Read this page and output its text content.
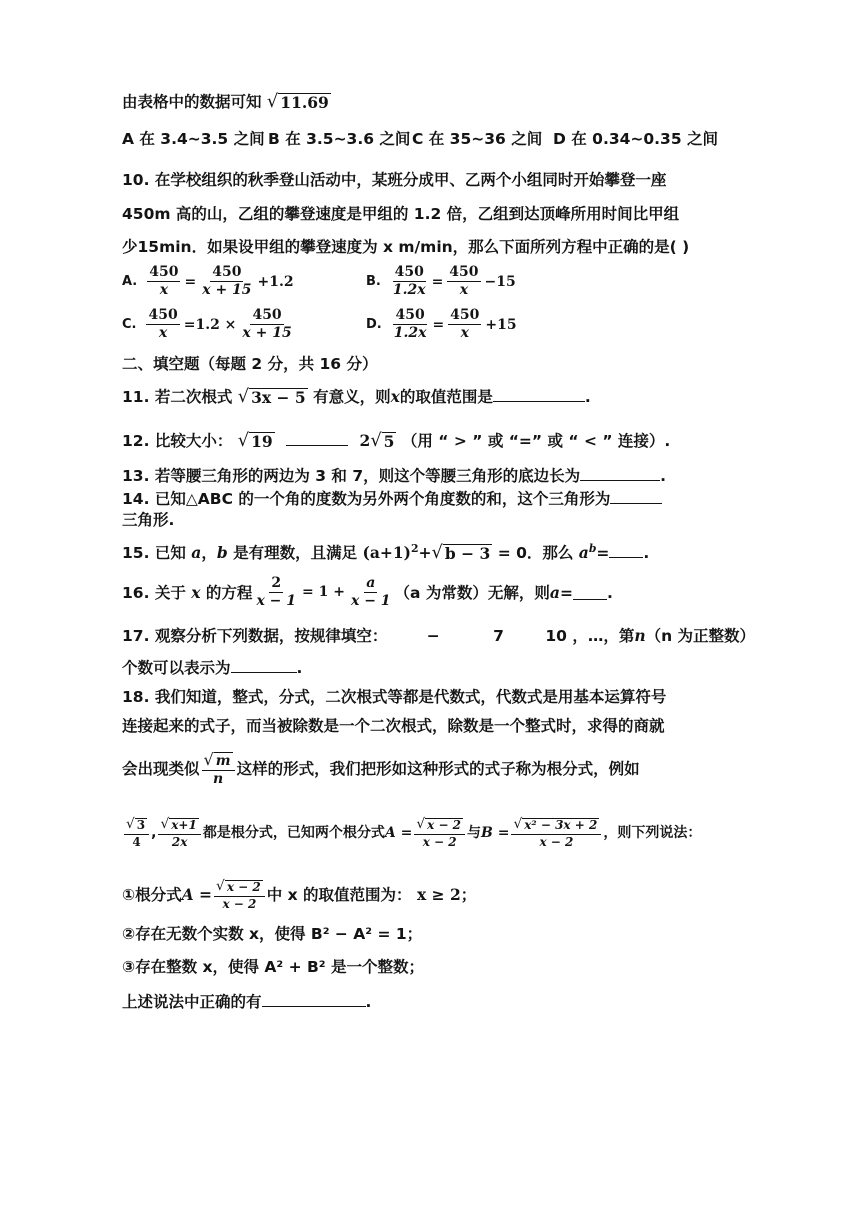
由表格中的数据可知 √ 11.69
A 在 3.4~3.5 之间 B 在 3.5~3.6 之间 C 在 35~36 之间 D 在 0.34~0.35 之间
10. 在学校组织的秋季登山活动中，某班分成甲、乙两个小组同时开始攀登一座
450m 高的山，乙组的攀登速度是甲组的 1.2 倍，乙组到达顶峰所用时间比甲组
少15min．如果设甲组的攀登速度为 x m/min，那么下面所列方程中正确的是( )
A. $\frac{450}{x} = \frac{450}{x + 15} +1.2$	B. $\frac{450}{1.2x} = \frac{450}{x} -15$
C. $\frac{450}{x} =1.2 \times \frac{450}{x + 15}$	D. $\frac{450}{1.2x} = \frac{450}{x} +15$
二、填空题（每题 2 分，共 16 分）
11. 若二次根式 √ 3x − 5 有意义，则x的取值范围是	.
12. 比较大小： √ 19	2 √ 5 （用 “ > ” 或 “=” 或 “ < ” 连接）.
13. 若等腰三角形的两边为 3 和 7，则这个等腰三角形的底边长为	.
14. 已知△ABC 的一个角的度数为另外两个角度数的和，这个三角形为
三角形.
15. 已知 a，b 是有理数，且满足 $(a+1)^2+$ √ b − 3 = 0．那么 $a^b=$ .
16. 关于
x
的方程 $\frac{2}{x - 1} = 1 + \frac{a}{x - 1} (a$ 为常数）无解，则 a = .
17. 观察分析下列数据，按规律填空：	−	7	10 ，…，第n（n 为正整数）
个数可以表示为	.
18. 我们知道，整式，分式，二次根式等都是代数式，代数式是用基本运算符号
连接起来的式子，而当被除数是一个二次根式，除数是一个整式时，求得的商就
会出现类似 $\frac{√ m}{n}$ 这样的形式，我们把形如这种形式的式子称为根分式，例如
$\frac{√ 3}{4}$ , $\frac{√ x+1}{2x}$ 都是根分式，已知两个根分式 $A = \frac{√ x - 2}{x - 2}$ 与 $B = \frac{\text{√ x² − 3x + 2}}{x - 2}$ ，则下列说法：
①根分式 $A = \frac{√ x - 2}{x - 2}$ 中 x 的取值范围为：
x ≥ 2；
②存在无数个实数 x，使得 B² − A² = 1；
③存在整数 x，使得 A² + B² 是一个整数；
上述说法中正确的有	.
